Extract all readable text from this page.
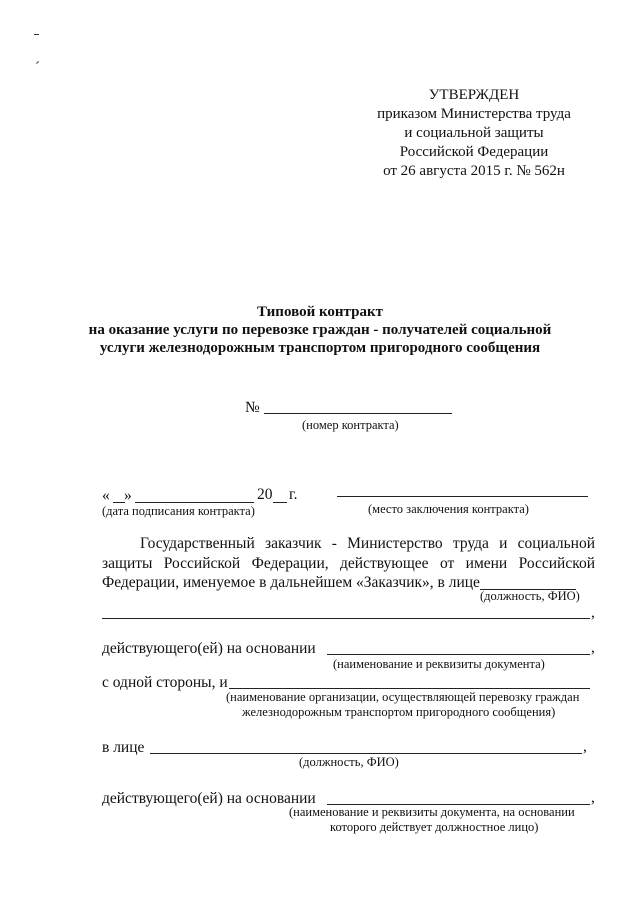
УТВЕРЖДЕН
приказом Министерства труда
и социальной защиты
Российской Федерации
от 26 августа 2015 г. № 562н
Типовой контракт
на оказание услуги по перевозке граждан - получателей социальной
услуги железнодорожным транспортом пригородного сообщения
№
(номер контракта)
« »	20 г.
(дата подписания контракта)	(место заключения контракта)
Государственный заказчик - Министерство труда и социальной
защиты Российской Федерации, действующее от имени Российской
Федерации, именуемое в дальнейшем «Заказчик», в лице
(должность, ФИО)
,
действующего(ей) на основании	,
(наименование и реквизиты документа)
с одной стороны, и
(наименование организации, осуществляющей перевозку граждан
железнодорожным транспортом пригородного сообщения)
в лице	,
(должность, ФИО)
действующего(ей) на основании	,
(наименование и реквизиты документа, на основании
которого действует должностное лицо)
